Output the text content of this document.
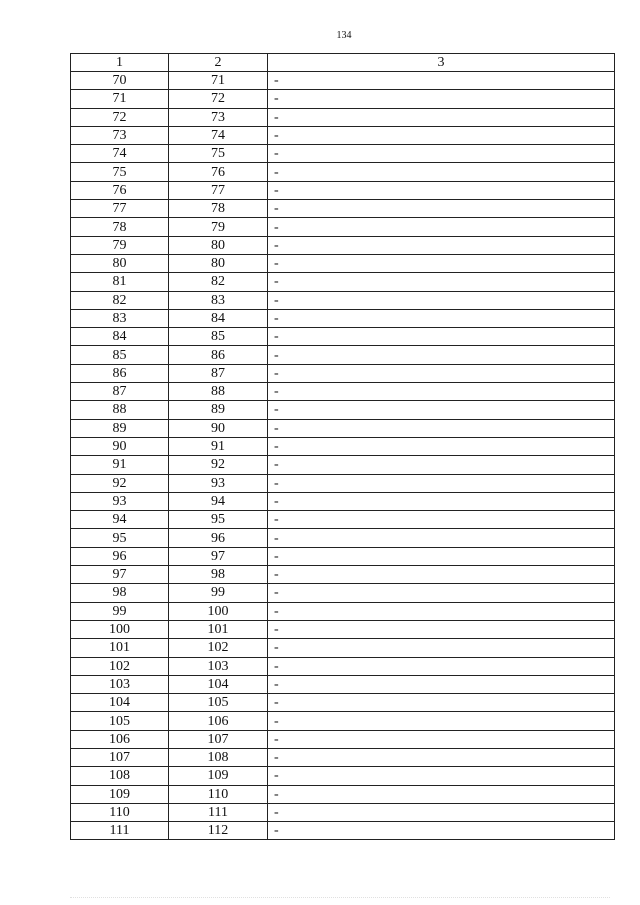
134
1	2	3
70	71	-
71	72	-
72	73	-
73	74	-
74	75	-
75	76	-
76	77	-
77	78	-
78	79	-
79	80	-
80	80	-
81	82	-
82	83	-
83	84	-
84	85	-
85	86	-
86	87	-
87	88	-
88	89	-
89	90	-
90	91	-
91	92	-
92	93	-
93	94	-
94	95	-
95	96	-
96	97	-
97	98	-
98	99	-
99	100	-
100	101	-
101	102	-
102	103	-
103	104	-
104	105	-
105	106	-
106	107	-
107	108	-
108	109	-
109	110	-
110	111	-
111	112	-
